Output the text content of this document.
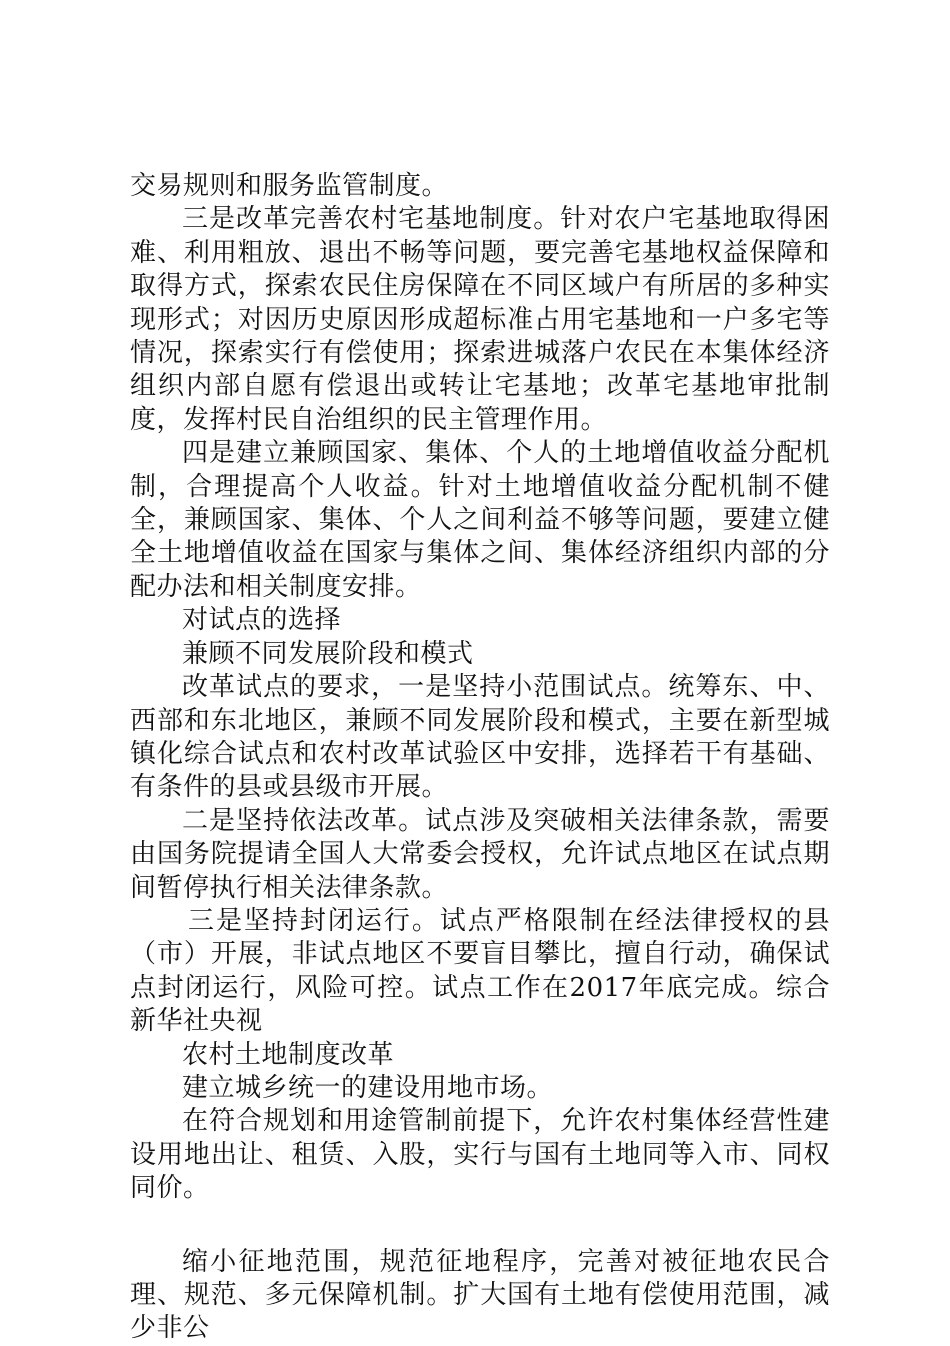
交易规则和服务监管制度。

三是改革完善农村宅基地制度。针对农户宅基地取得困难、利用粗放、退出不畅等问题，要完善宅基地权益保障和取得方式，探索农民住房保障在不同区域户有所居的多种实现形式；对因历史原因形成超标准占用宅基地和一户多宅等情况，探索实行有偿使用；探索进城落户农民在本集体经济组织内部自愿有偿退出或转让宅基地；改革宅基地审批制度，发挥村民自治组织的民主管理作用。

四是建立兼顾国家、集体、个人的土地增值收益分配机制，合理提高个人收益。针对土地增值收益分配机制不健全，兼顾国家、集体、个人之间利益不够等问题，要建立健全土地增值收益在国家与集体之间、集体经济组织内部的分配办法和相关制度安排。

对试点的选择

兼顾不同发展阶段和模式

改革试点的要求，一是坚持小范围试点。统筹东、中、西部和东北地区，兼顾不同发展阶段和模式，主要在新型城镇化综合试点和农村改革试验区中安排，选择若干有基础、有条件的县或县级市开展。

二是坚持依法改革。试点涉及突破相关法律条款，需要由国务院提请全国人大常委会授权，允许试点地区在试点期间暂停执行相关法律条款。

三是坚持封闭运行。试点严格限制在经法律授权的县（市）开展，非试点地区不要盲目攀比，擅自行动，确保试点封闭运行，风险可控。试点工作在2017年底完成。综合新华社央视

农村土地制度改革

建立城乡统一的建设用地市场。

在符合规划和用途管制前提下，允许农村集体经营性建设用地出让、租赁、入股，实行与国有土地同等入市、同权同价。

缩小征地范围，规范征地程序，完善对被征地农民合理、规范、多元保障机制。扩大国有土地有偿使用范围，减少非公
